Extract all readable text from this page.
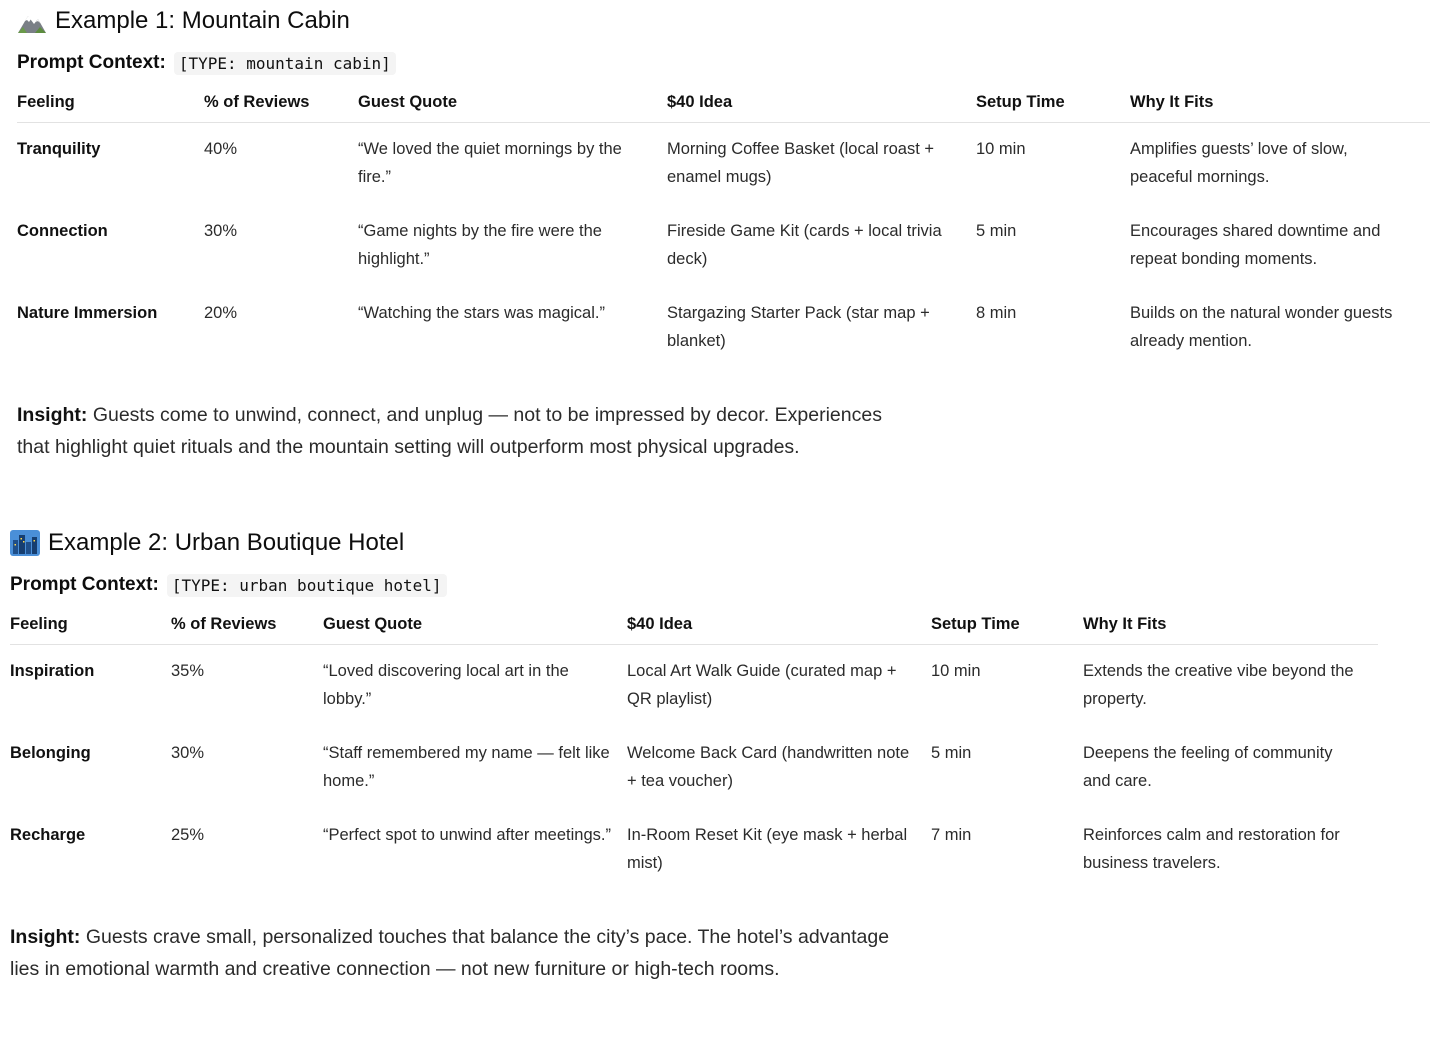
Example 1: Mountain Cabin
Prompt Context: [TYPE: mountain cabin]
Feeling	% of Reviews	Guest Quote	$40 Idea	Setup Time	Why It Fits
Tranquility	40%	“We loved the quiet mornings by the fire.”	Morning Coffee Basket (local roast + enamel mugs)	10 min	Amplifies guests’ love of slow, peaceful mornings.
Connection	30%	“Game nights by the fire were the highlight.”	Fireside Game Kit (cards + local trivia deck)	5 min	Encourages shared downtime and repeat bonding moments.
Nature Immersion	20%	“Watching the stars was magical.”	Stargazing Starter Pack (star map + blanket)	8 min	Builds on the natural wonder guests already mention.
Insight: Guests come to unwind, connect, and unplug — not to be impressed by decor. Experiences that highlight quiet rituals and the mountain setting will outperform most physical upgrades.
Example 2: Urban Boutique Hotel
Prompt Context: [TYPE: urban boutique hotel]
Feeling	% of Reviews	Guest Quote	$40 Idea	Setup Time	Why It Fits
Inspiration	35%	“Loved discovering local art in the lobby.”	Local Art Walk Guide (curated map + QR playlist)	10 min	Extends the creative vibe beyond the property.
Belonging	30%	“Staff remembered my name — felt like home.”	Welcome Back Card (handwritten note + tea voucher)	5 min	Deepens the feeling of community and care.
Recharge	25%	“Perfect spot to unwind after meetings.”	In-Room Reset Kit (eye mask + herbal mist)	7 min	Reinforces calm and restoration for business travelers.
Insight: Guests crave small, personalized touches that balance the city’s pace. The hotel’s advantage lies in emotional warmth and creative connection — not new furniture or high-tech rooms.
